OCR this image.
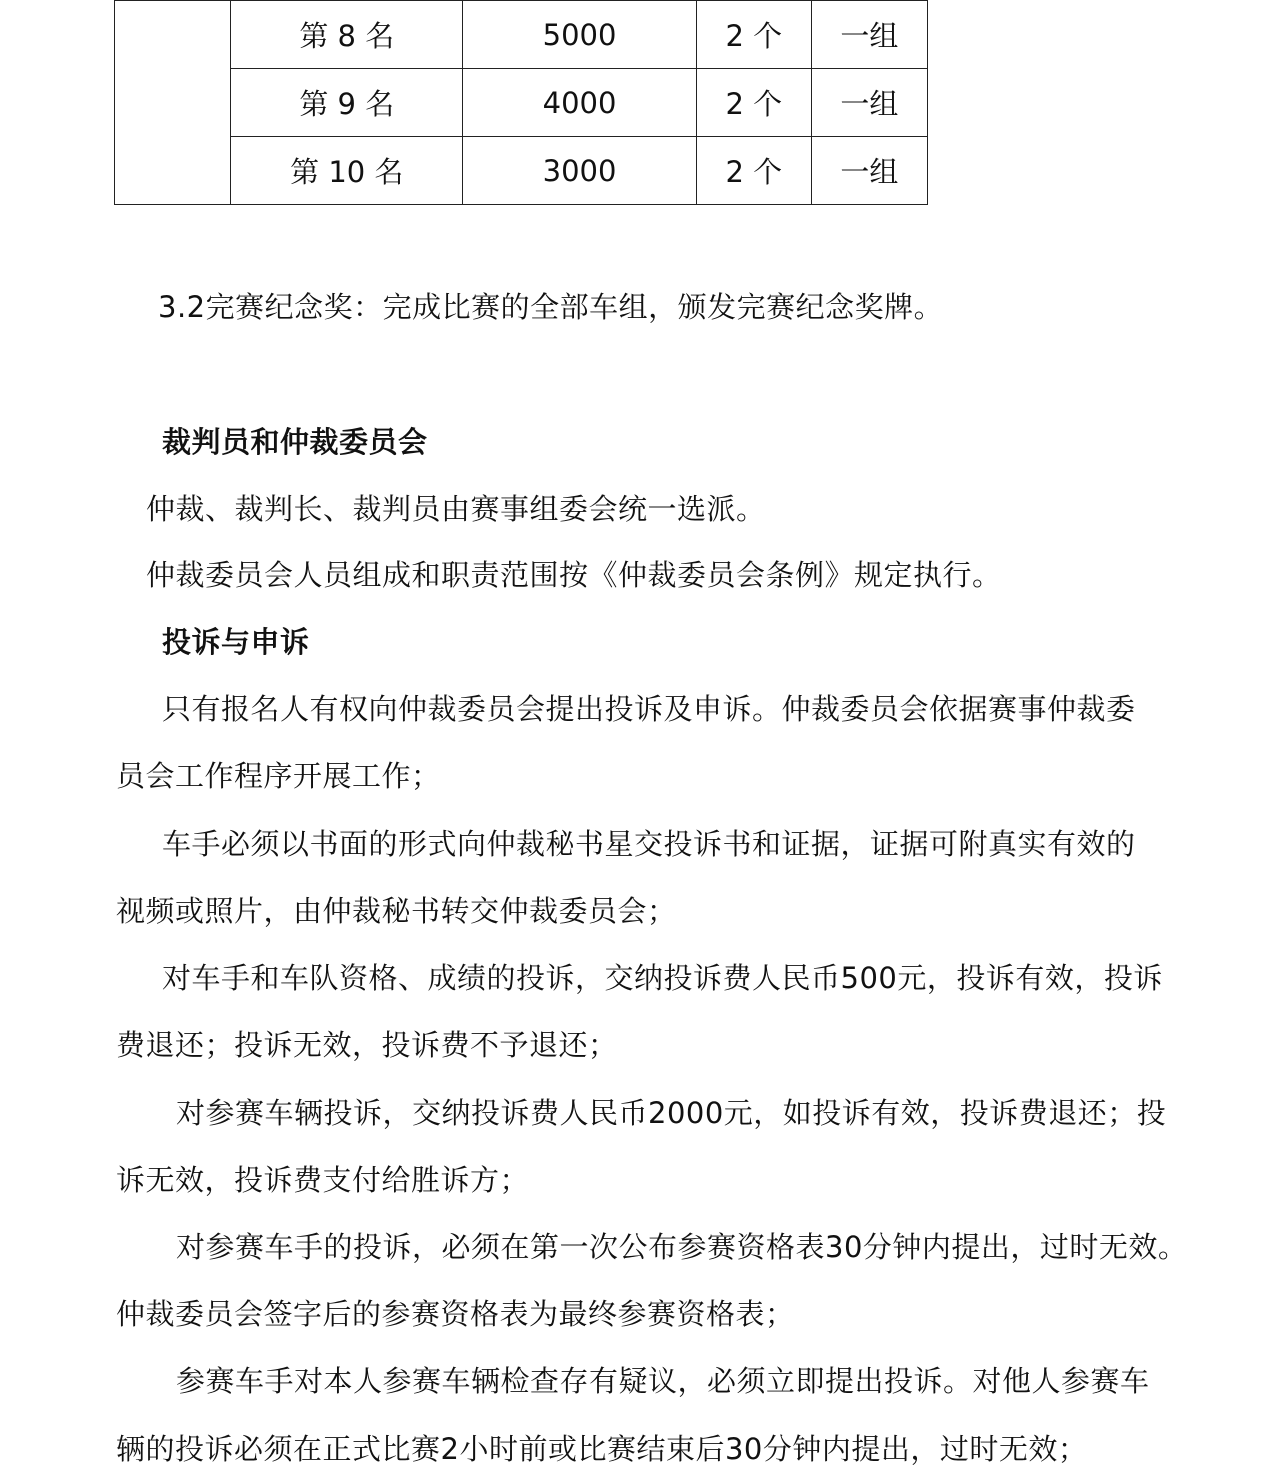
	第 8 名	5000	2 个	一组
	第 9 名	4000	2 个	一组
	第 10 名	3000	2 个	一组
3.2完赛纪念奖：完成比赛的全部车组，颁发完赛纪念奖牌。
裁判员和仲裁委员会
仲裁、裁判长、裁判员由赛事组委会统一选派。
仲裁委员会人员组成和职责范围按《仲裁委员会条例》规定执行。
投诉与申诉
只有报名人有权向仲裁委员会提出投诉及申诉。仲裁委员会依据赛事仲裁委
员会工作程序开展工作；
车手必须以书面的形式向仲裁秘书星交投诉书和证据，证据可附真实有效的
视频或照片，由仲裁秘书转交仲裁委员会；
对车手和车队资格、成绩的投诉，交纳投诉费人民币500元，投诉有效，投诉
费退还；投诉无效，投诉费不予退还；
对参赛车辆投诉，交纳投诉费人民币2000元，如投诉有效，投诉费退还；投
诉无效，投诉费支付给胜诉方；
对参赛车手的投诉，必须在第一次公布参赛资格表30分钟内提出，过时无效。
仲裁委员会签字后的参赛资格表为最终参赛资格表；
参赛车手对本人参赛车辆检查存有疑议，必须立即提出投诉。对他人参赛车
辆的投诉必须在正式比赛2小时前或比赛结束后30分钟内提出，过时无效；
